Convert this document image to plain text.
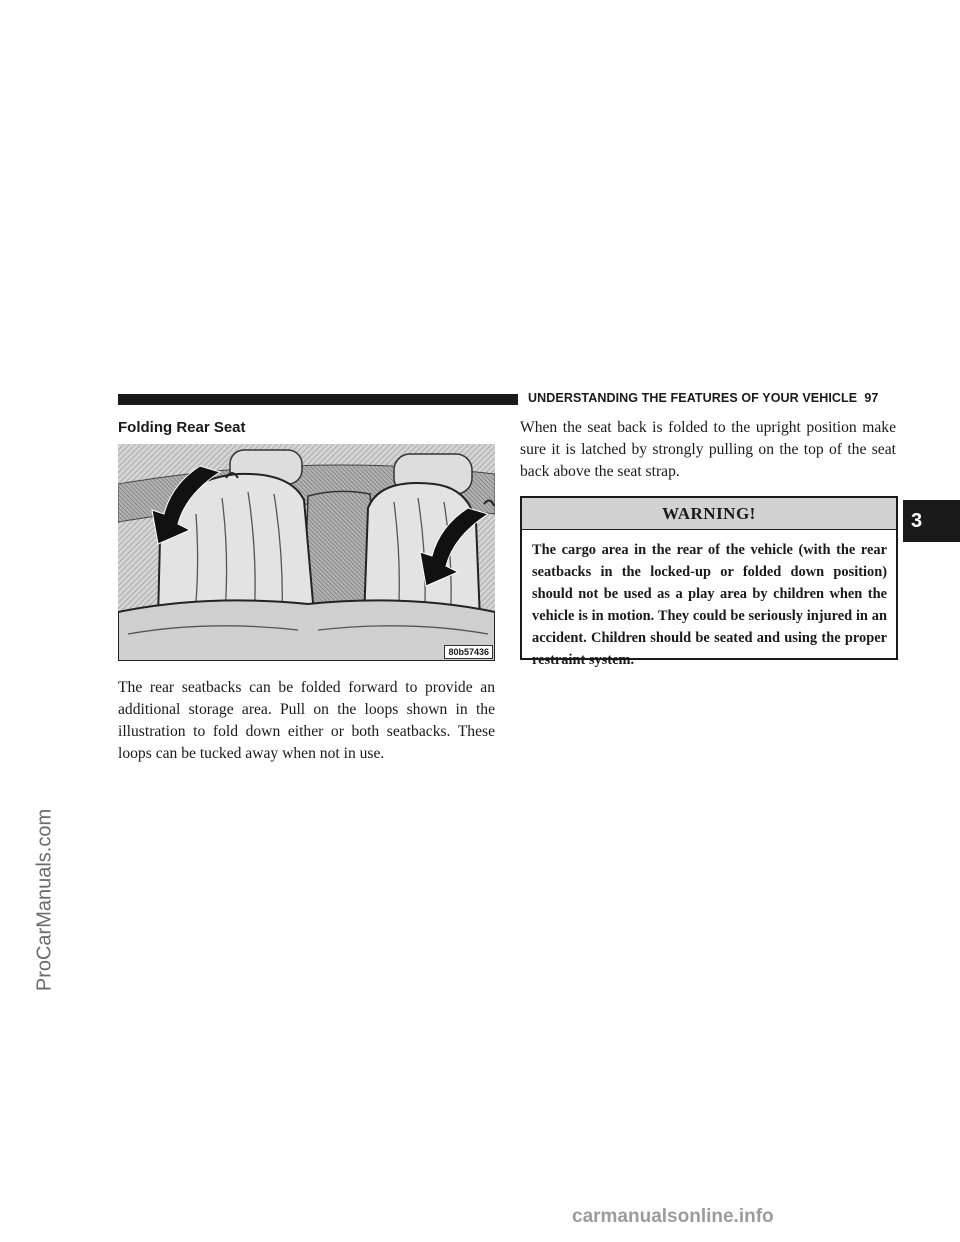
UNDERSTANDING THE FEATURES OF YOUR VEHICLE 97
Folding Rear Seat
80b57436

The rear seatbacks can be folded forward to provide an additional storage area. Pull on the loops shown in the illustration to fold down either or both seatbacks. These loops can be tucked away when not in use.

When the seat back is folded to the upright position make sure it is latched by strongly pulling on the top of the seat back above the seat strap.

WARNING!
The cargo area in the rear of the vehicle (with the rear seatbacks in the locked-up or folded down position) should not be used as a play area by children when the vehicle is in motion. They could be seriously injured in an accident. Children should be seated and using the proper restraint system.
3
ProCarManuals.com
carmanualsonline.info
